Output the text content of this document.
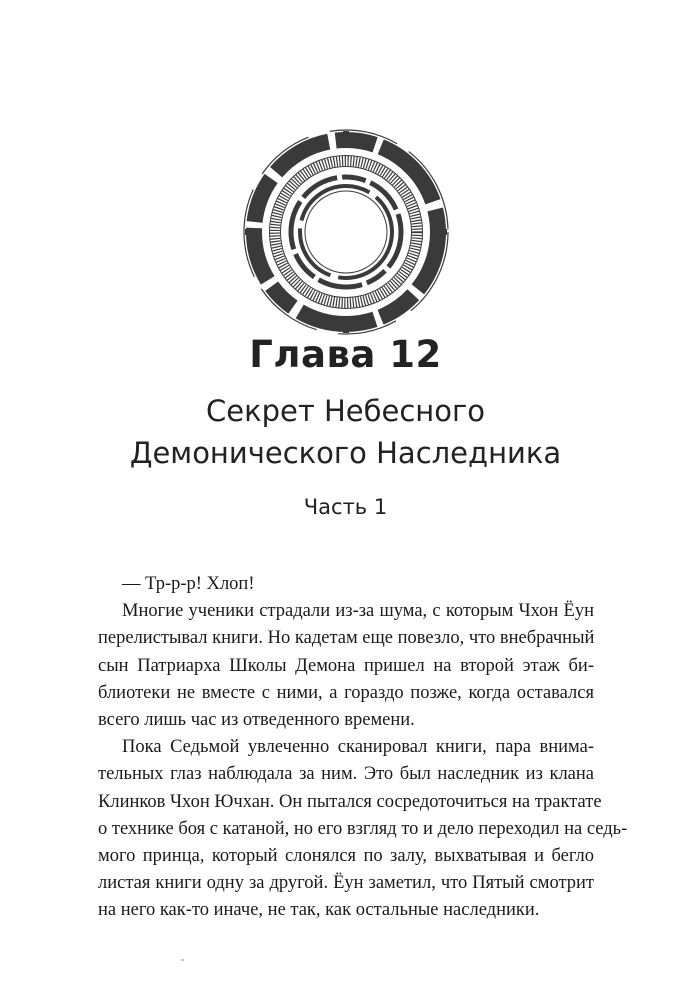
Глава 12
Секрет Небесного
Демонического Наследника
Часть 1
— Тр-р-р! Хлоп!
Многие ученики страдали из-за шума, с которым Чхон Ёун
перелистывал книги. Но кадетам еще повезло, что внебрачный
сын Патриарха Школы Демона пришел на второй этаж би-
блиотеки не вместе с ними, а гораздо позже, когда оставался
всего лишь час из отведенного времени.
Пока Седьмой увлеченно сканировал книги, пара внима-
тельных глаз наблюдала за ним. Это был наследник из клана
Клинков Чхон Ючхан. Он пытался сосредоточиться на трактате
о технике боя с катаной, но его взгляд то и дело переходил на седь-
мого принца, который слонялся по залу, выхватывая и бегло
листая книги одну за другой. Ёун заметил, что Пятый смотрит
на него как-то иначе, не так, как остальные наследники.
